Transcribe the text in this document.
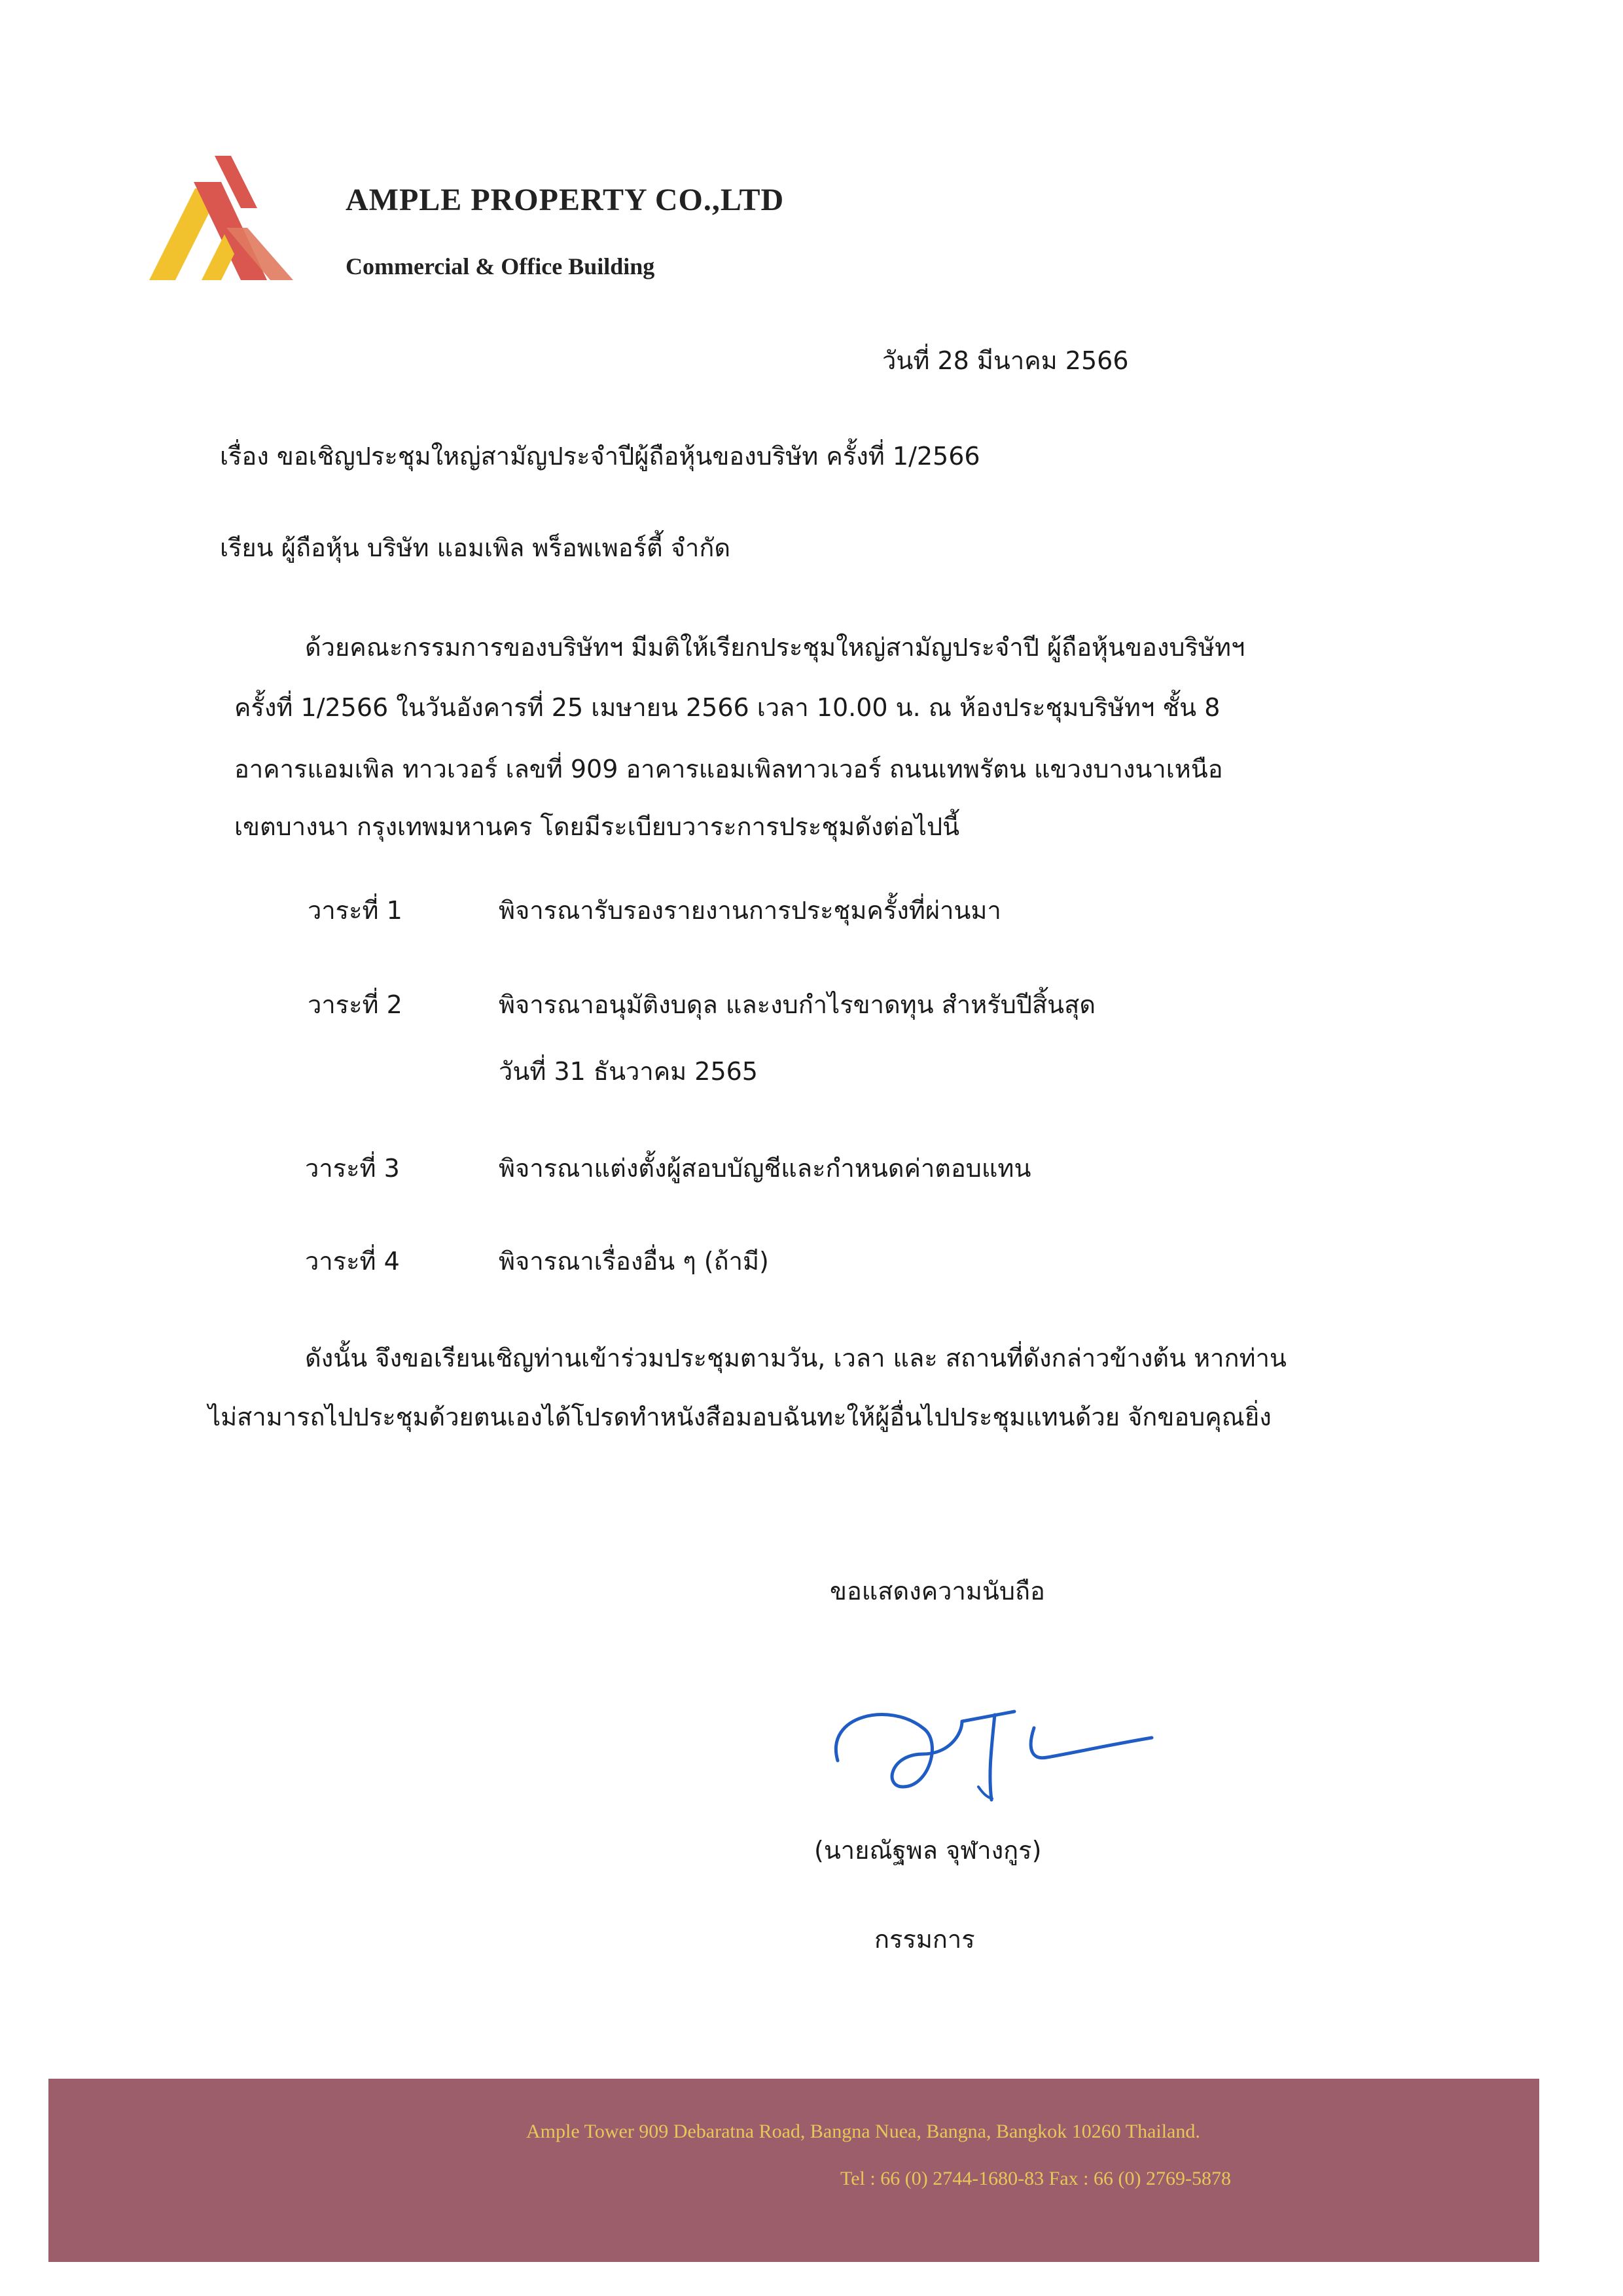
AMPLE PROPERTY CO.,LTD
Commercial & Office Building
วันที่ 28 มีนาคม 2566
เรื่อง ขอเชิญประชุมใหญ่สามัญประจำปีผู้ถือหุ้นของบริษัท ครั้งที่ 1/2566
เรียน ผู้ถือหุ้น บริษัท แอมเพิล พร็อพเพอร์ตี้ จำกัด
ด้วยคณะกรรมการของบริษัทฯ มีมติให้เรียกประชุมใหญ่สามัญประจำปี ผู้ถือหุ้นของบริษัทฯ
ครั้งที่ 1/2566 ในวันอังคารที่ 25 เมษายน 2566 เวลา 10.00 น. ณ ห้องประชุมบริษัทฯ ชั้น 8
อาคารแอมเพิล ทาวเวอร์ เลขที่ 909 อาคารแอมเพิลทาวเวอร์ ถนนเทพรัตน แขวงบางนาเหนือ
เขตบางนา กรุงเทพมหานคร โดยมีระเบียบวาระการประชุมดังต่อไปนี้
วาระที่ 1	พิจารณารับรองรายงานการประชุมครั้งที่ผ่านมา
วาระที่ 2	พิจารณาอนุมัติงบดุล และงบกำไรขาดทุน สำหรับปีสิ้นสุด
วันที่ 31 ธันวาคม 2565
วาระที่ 3	พิจารณาแต่งตั้งผู้สอบบัญชีและกำหนดค่าตอบแทน
วาระที่ 4	พิจารณาเรื่องอื่น ๆ (ถ้ามี)
ดังนั้น จึงขอเรียนเชิญท่านเข้าร่วมประชุมตามวัน, เวลา และ สถานที่ดังกล่าวข้างต้น หากท่าน
ไม่สามารถไปประชุมด้วยตนเองได้โปรดทำหนังสือมอบฉันทะให้ผู้อื่นไปประชุมแทนด้วย จักขอบคุณยิ่ง
ขอแสดงความนับถือ
(นายณัฐพล จุฬางกูร)
กรรมการ
Ample Tower 909 Debaratna Road, Bangna Nuea, Bangna, Bangkok 10260 Thailand.
Tel : 66 (0) 2744-1680-83 Fax : 66 (0) 2769-5878
